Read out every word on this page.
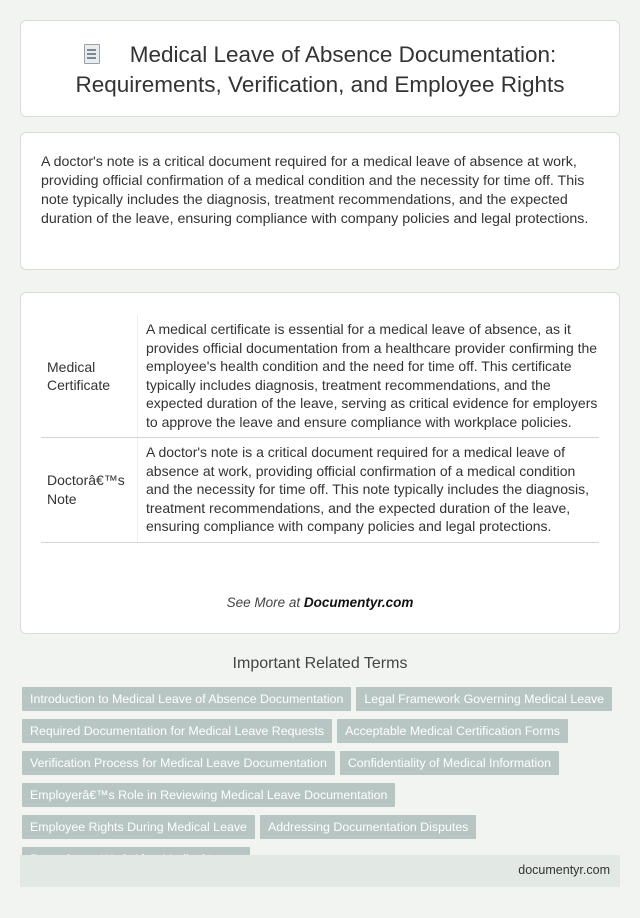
Medical Leave of Absence Documentation:
Requirements, Verification, and Employee Rights

A doctor's note is a critical document required for a medical leave of absence at work, providing official confirmation of a medical condition and the necessity for time off. This note typically includes the diagnosis, treatment recommendations, and the expected duration of the leave, ensuring compliance with company policies and legal protections.

Medical Certificate	A medical certificate is essential for a medical leave of absence, as it provides official documentation from a healthcare provider confirming the employee's health condition and the need for time off. This certificate typically includes diagnosis, treatment recommendations, and the expected duration of the leave, serving as critical evidence for employers to approve the leave and ensure compliance with workplace policies.
Doctorâ€™s Note	A doctor's note is a critical document required for a medical leave of absence at work, providing official confirmation of a medical condition and the necessity for time off. This note typically includes the diagnosis, treatment recommendations, and the expected duration of the leave, ensuring compliance with company policies and legal protections.
See More at Documentyr.com
Important Related Terms
Introduction to Medical Leave of Absence Documentation Legal Framework Governing Medical LeaveRequired Documentation for Medical Leave Requests Acceptable Medical Certification FormsVerification Process for Medical Leave Documentation Confidentiality of Medical InformationEmployerâ€™s Role in Reviewing Medical Leave DocumentationEmployee Rights During Medical Leave Addressing Documentation Disputes
documentyr.com
